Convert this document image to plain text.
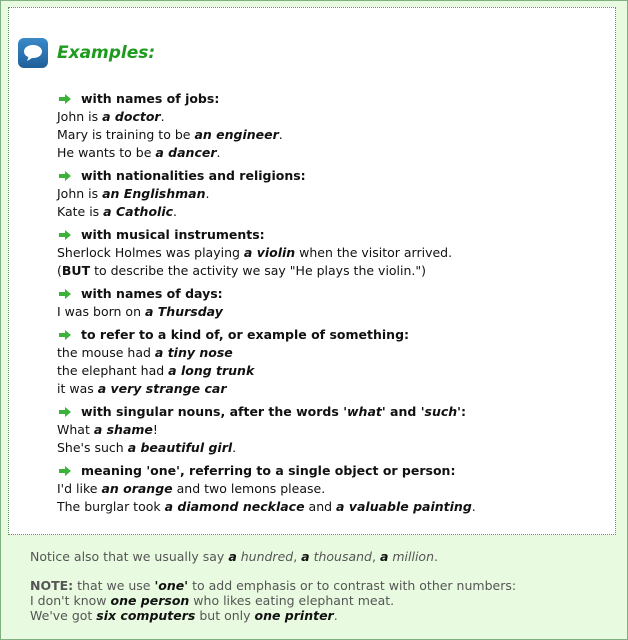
Examples:
with names of jobs:
John is a doctor.
Mary is training to be an engineer.
He wants to be a dancer.
with nationalities and religions:
John is an Englishman.
Kate is a Catholic.
with musical instruments:
Sherlock Holmes was playing a violin when the visitor arrived.
(BUT to describe the activity we say "He plays the violin.")
with names of days:
I was born on a Thursday
to refer to a kind of, or example of something:
the mouse had a tiny nose
the elephant had a long trunk
it was a very strange car
with singular nouns, after the words 'what' and 'such':
What a shame!
She's such a beautiful girl.
meaning 'one', referring to a single object or person:
I'd like an orange and two lemons please.
The burglar took a diamond necklace and a valuable painting.
Notice also that we usually say a hundred, a thousand, a million.
NOTE: that we use 'one' to add emphasis or to contrast with other numbers:
I don't know one person who likes eating elephant meat.
We've got six computers but only one printer.
